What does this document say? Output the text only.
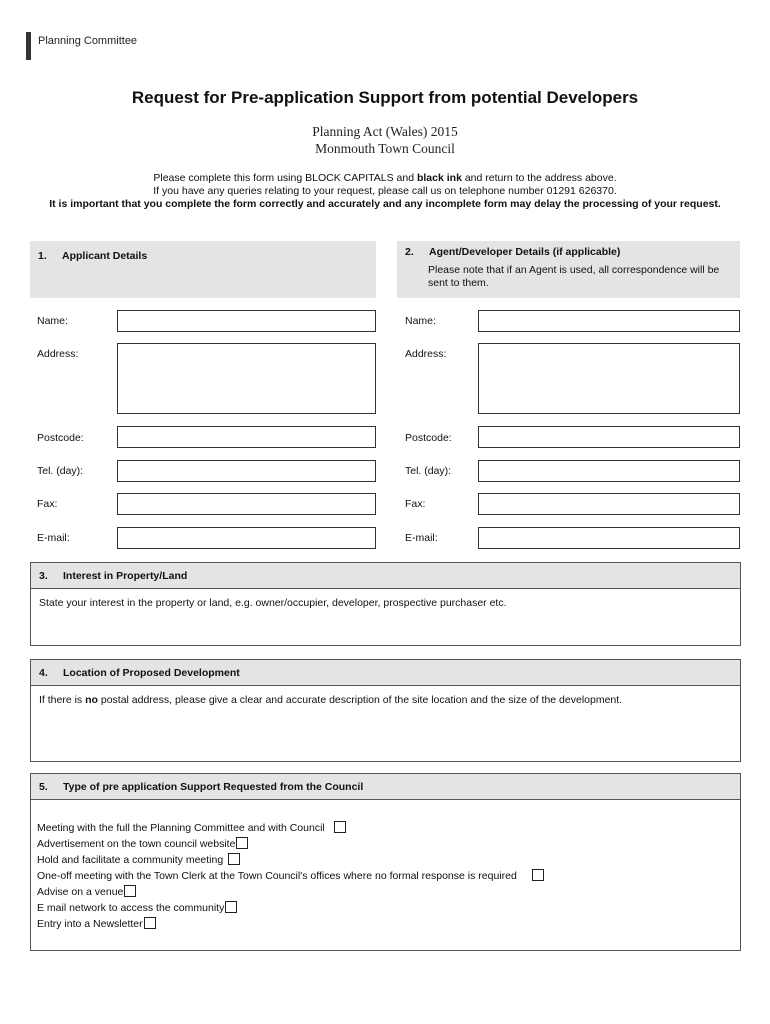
Planning Committee
Request for Pre-application Support from potential Developers
Planning Act (Wales) 2015
Monmouth Town Council
Please complete this form using BLOCK CAPITALS and black ink and return to the address above.
If you have any queries relating to your request, please call us on telephone number 01291 626370.
It is important that you complete the form correctly and accurately and any incomplete form may delay the processing of your request.
1. Applicant Details	2. Agent/Developer Details (if applicable)
Please note that if an Agent is used, all correspondence will be sent to them.
Name:
Address:
Postcode:
Tel. (day):
Fax:
E-mail:
Name:
Address:
Postcode:
Tel. (day):
Fax:
E-mail:
3. Interest in Property/Land
State your interest in the property or land, e.g. owner/occupier, developer, prospective purchaser etc.
4. Location of Proposed Development
If there is no postal address, please give a clear and accurate description of the site location and the size of the development.
5. Type of pre application Support Requested from the Council
Meeting with the full the Planning Committee and with Council
Advertisement on the town council website
Hold and facilitate a community meeting
One-off meeting with the Town Clerk at the Town Council's offices where no formal response is required
Advise on a venue
E mail network to access the community
Entry into a Newsletter
